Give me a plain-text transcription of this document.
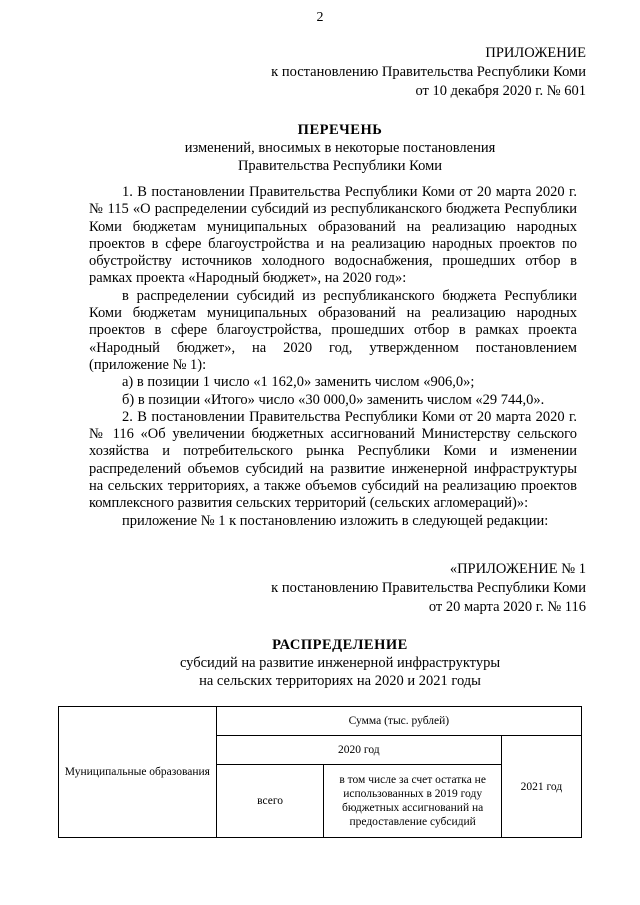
2
ПРИЛОЖЕНИЕ
к постановлению Правительства Республики Коми
от 10 декабря 2020 г. № 601
ПЕРЕЧЕНЬ
изменений, вносимых в некоторые постановления
Правительства Республики Коми

1. В постановлении Правительства Республики Коми от 20 марта 2020 г. № 115 «О распределении субсидий из республиканского бюджета Республики Коми бюджетам муниципальных образований на реализацию народных проектов в сфере благоустройства и на реализацию народных проектов по обустройству источников холодного водоснабжения, прошедших отбор в рамках проекта «Народный бюджет», на 2020 год»:

в распределении субсидий из республиканского бюджета Республики Коми бюджетам муниципальных образований на реализацию народных проектов в сфере благоустройства, прошедших отбор в рамках проекта «Народный бюджет», на 2020 год, утвержденном постановлением (приложение № 1):

а) в позиции 1 число «1 162,0» заменить числом «906,0»;

б) в позиции «Итого» число «30 000,0» заменить числом «29 744,0».

2. В постановлении Правительства Республики Коми от 20 марта 2020 г. № 116 «Об увеличении бюджетных ассигнований Министерству сельского хозяйства и потребительского рынка Республики Коми и изменении распределений объемов субсидий на развитие инженерной инфраструктуры на сельских территориях, а также объемов субсидий на реализацию проектов комплексного развития сельских территорий (сельских агломераций)»:

приложение № 1 к постановлению изложить в следующей редакции:

«ПРИЛОЖЕНИЕ № 1
к постановлению Правительства Республики Коми
от 20 марта 2020 г. № 116
РАСПРЕДЕЛЕНИЕ
субсидий на развитие инженерной инфраструктуры
на сельских территориях на 2020 и 2021 годы
Муниципальные образования	Сумма (тыс. рублей)		
	2020 год		2021 год
	всего	в том числе за счет остатка не использованных в 2019 году бюджетных ассигнований на предоставление субсидий	
